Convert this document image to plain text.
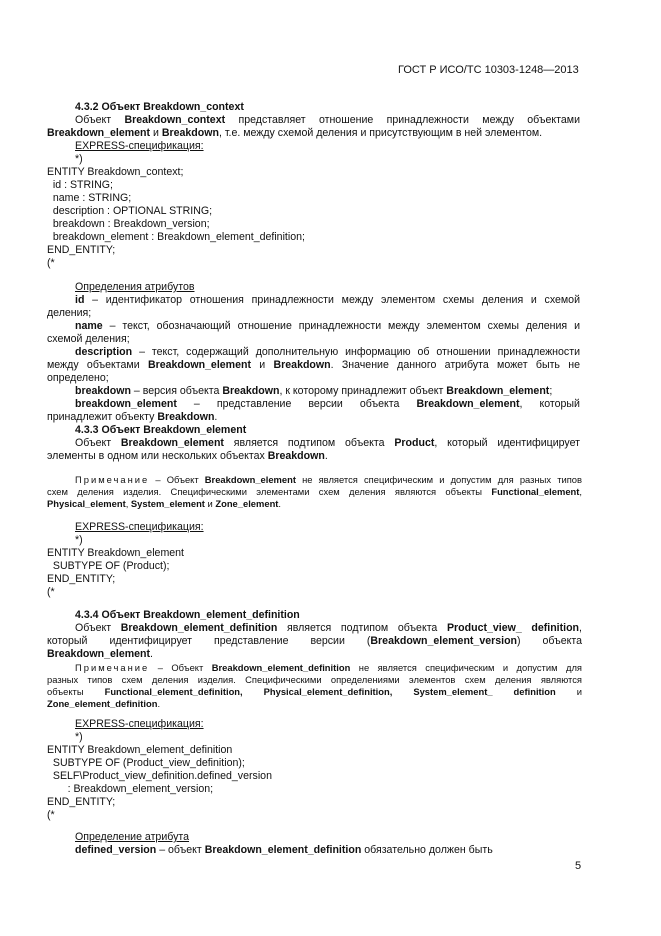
ГОСТ Р ИСО/ТС 10303-1248—2013
4.3.2 Объект Breakdown_context
Объект Breakdown_context представляет отношение принадлежности между объектами
Breakdown_element и Breakdown, т.е. между схемой деления и присутствующим в ней элементом.
EXPRESS-спецификация:
*)
ENTITY Breakdown_context;
id : STRING;
name : STRING;
description : OPTIONAL STRING;
breakdown : Breakdown_version;
breakdown_element : Breakdown_element_definition;
END_ENTITY;
(*
Определения атрибутов
id – идентификатор отношения принадлежности между элементом схемы деления и схемой
деления;
name – текст, обозначающий отношение принадлежности между элементом схемы деления и
схемой деления;
description – текст, содержащий дополнительную информацию об отношении принадлежности
между объектами Breakdown_element и Breakdown. Значение данного атрибута может быть не
определено;
breakdown – версия объекта Breakdown, к которому принадлежит объект Breakdown_element;
breakdown_element – представление версии объекта Breakdown_element, который
принадлежит объекту Breakdown.
4.3.3 Объект Breakdown_element
Объект Breakdown_element является подтипом объекта Product, который идентифицирует
элементы в одном или нескольких объектах Breakdown.
Примечание – Объект Breakdown_element не является специфическим и допустим для разных типов
схем деления изделия. Специфическими элементами схем деления являются объекты Functional_element,
Physical_element, System_element и Zone_element.
EXPRESS-спецификация:
*)
ENTITY Breakdown_element
SUBTYPE OF (Product);
END_ENTITY;
(*
4.3.4 Объект Breakdown_element_definition
Объект Breakdown_element_definition является подтипом объекта Product_view_ definition,
который идентифицирует представление версии (Breakdown_element_version) объекта
Breakdown_element.
Примечание – Объект Breakdown_element_definition не является специфическим и допустим для
разных типов схем деления изделия. Специфическими определениями элементов схем деления являются
объекты Functional_element_definition, Physical_element_definition, System_element_ definition и
Zone_element_definition.
EXPRESS-спецификация:
*)
ENTITY Breakdown_element_definition
SUBTYPE OF (Product_view_definition);
SELF\Product_view_definition.defined_version
: Breakdown_element_version;
END_ENTITY;
(*
Определение атрибута
defined_version – объект Breakdown_element_definition обязательно должен быть
5
